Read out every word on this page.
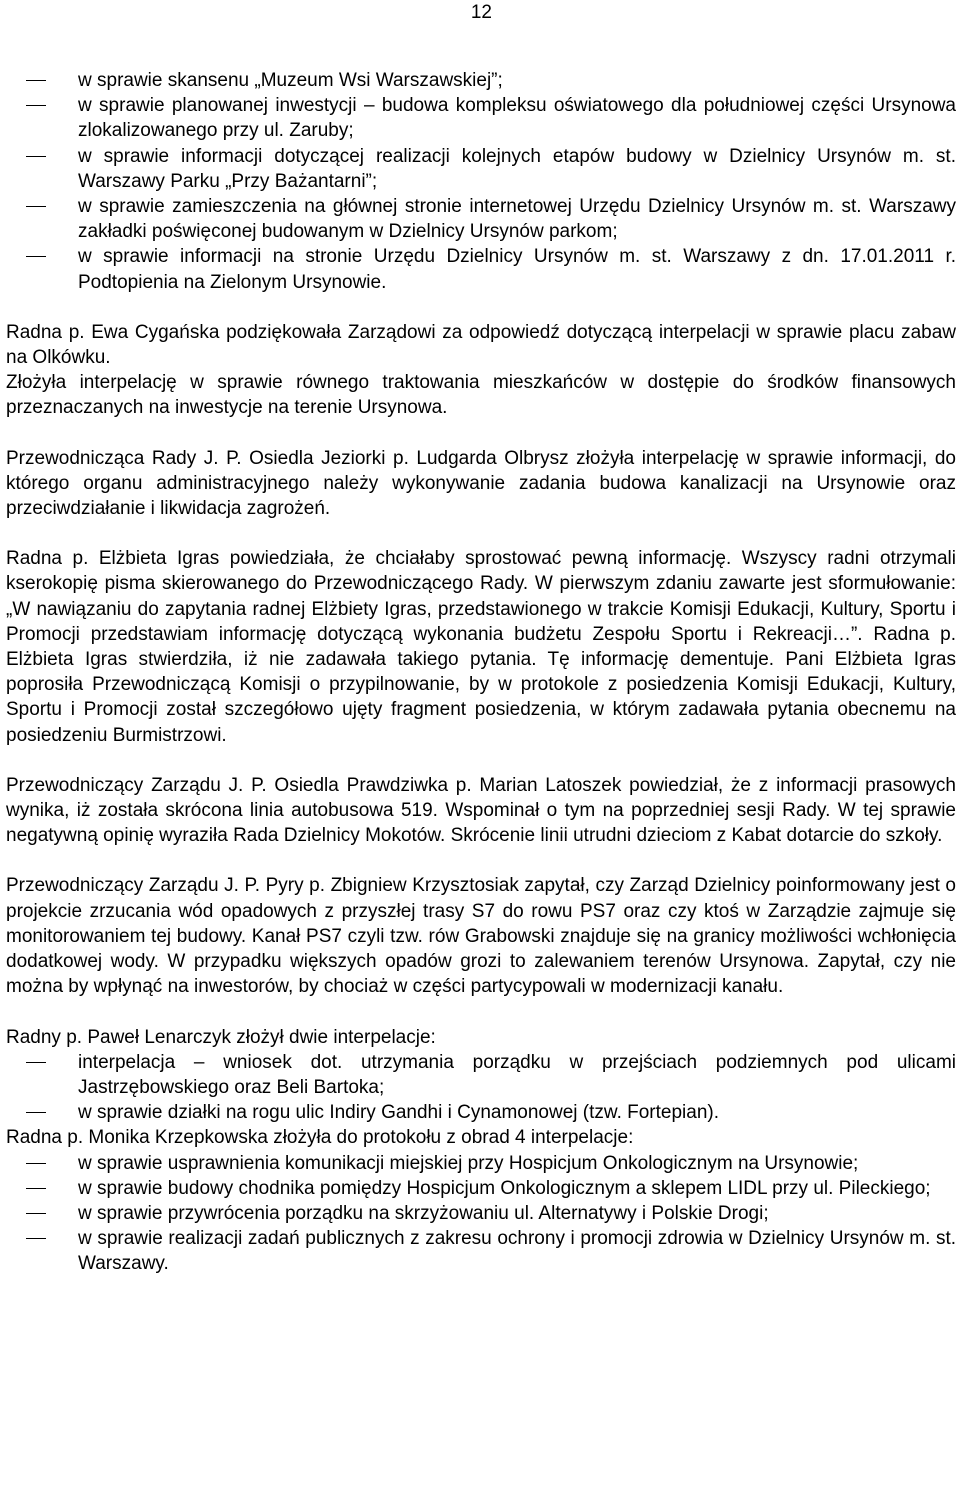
12
w sprawie skansenu „Muzeum Wsi Warszawskiej”;
w sprawie planowanej inwestycji – budowa kompleksu oświatowego dla południowej części Ursynowa zlokalizowanego przy ul. Zaruby;
w sprawie informacji dotyczącej realizacji kolejnych etapów budowy w Dzielnicy Ursynów m. st. Warszawy Parku „Przy Bażantarni”;
w sprawie zamieszczenia na głównej stronie internetowej Urzędu Dzielnicy Ursynów m. st. Warszawy zakładki poświęconej budowanym w Dzielnicy Ursynów parkom;
w sprawie informacji na stronie Urzędu Dzielnicy Ursynów m. st. Warszawy z dn. 17.01.2011 r. Podtopienia na Zielonym Ursynowie.

Radna p. Ewa Cygańska podziękowała Zarządowi za odpowiedź dotyczącą interpelacji w sprawie placu zabaw na Olkówku.

Złożyła interpelację w sprawie równego traktowania mieszkańców w dostępie do środków finansowych przeznaczanych na inwestycje na terenie Ursynowa.

Przewodnicząca Rady J. P. Osiedla Jeziorki p. Ludgarda Olbrysz złożyła interpelację w sprawie informacji, do którego organu administracyjnego należy wykonywanie zadania budowa kanalizacji na Ursynowie oraz przeciwdziałanie i likwidacja zagrożeń.

Radna p. Elżbieta Igras powiedziała, że chciałaby sprostować pewną informację. Wszyscy radni otrzymali kserokopię pisma skierowanego do Przewodniczącego Rady. W pierwszym zdaniu zawarte jest sformułowanie: „W nawiązaniu do zapytania radnej Elżbiety Igras, przedstawionego w trakcie Komisji Edukacji, Kultury, Sportu i Promocji przedstawiam informację dotyczącą wykonania budżetu Zespołu Sportu i Rekreacji…”. Radna p. Elżbieta Igras stwierdziła, iż nie zadawała takiego pytania. Tę informację dementuje. Pani Elżbieta Igras poprosiła Przewodniczącą Komisji o przypilnowanie, by w protokole z posiedzenia Komisji Edukacji, Kultury, Sportu i Promocji został szczegółowo ujęty fragment posiedzenia, w którym zadawała pytania obecnemu na posiedzeniu Burmistrzowi.

Przewodniczący Zarządu J. P. Osiedla Prawdziwka p. Marian Latoszek powiedział, że z informacji prasowych wynika, iż została skrócona linia autobusowa 519. Wspominał o tym na poprzedniej sesji Rady. W tej sprawie negatywną opinię wyraziła Rada Dzielnicy Mokotów. Skrócenie linii utrudni dzieciom z Kabat dotarcie do szkoły.

Przewodniczący Zarządu J. P. Pyry p. Zbigniew Krzysztosiak zapytał, czy Zarząd Dzielnicy poinformowany jest o projekcie zrzucania wód opadowych z przyszłej trasy S7 do rowu PS7 oraz czy ktoś w Zarządzie zajmuje się monitorowaniem tej budowy. Kanał PS7 czyli tzw. rów Grabowski znajduje się na granicy możliwości wchłonięcia dodatkowej wody. W przypadku większych opadów grozi to zalewaniem terenów Ursynowa. Zapytał, czy nie można by wpłynąć na inwestorów, by chociaż w części partycypowali w modernizacji kanału.

Radny p. Paweł Lenarczyk złożył dwie interpelacje:

interpelacja – wniosek dot. utrzymania porządku w przejściach podziemnych pod ulicami Jastrzębowskiego oraz Beli Bartoka;
w sprawie działki na rogu ulic Indiry Gandhi i Cynamonowej (tzw. Fortepian).

Radna p. Monika Krzepkowska złożyła do protokołu z obrad 4 interpelacje:

w sprawie usprawnienia komunikacji miejskiej przy Hospicjum Onkologicznym na Ursynowie;
w sprawie budowy chodnika pomiędzy Hospicjum Onkologicznym a sklepem LIDL przy ul. Pileckiego;
w sprawie przywrócenia porządku na skrzyżowaniu ul. Alternatywy i Polskie Drogi;
w sprawie realizacji zadań publicznych z zakresu ochrony i promocji zdrowia w Dzielnicy Ursynów m. st. Warszawy.
